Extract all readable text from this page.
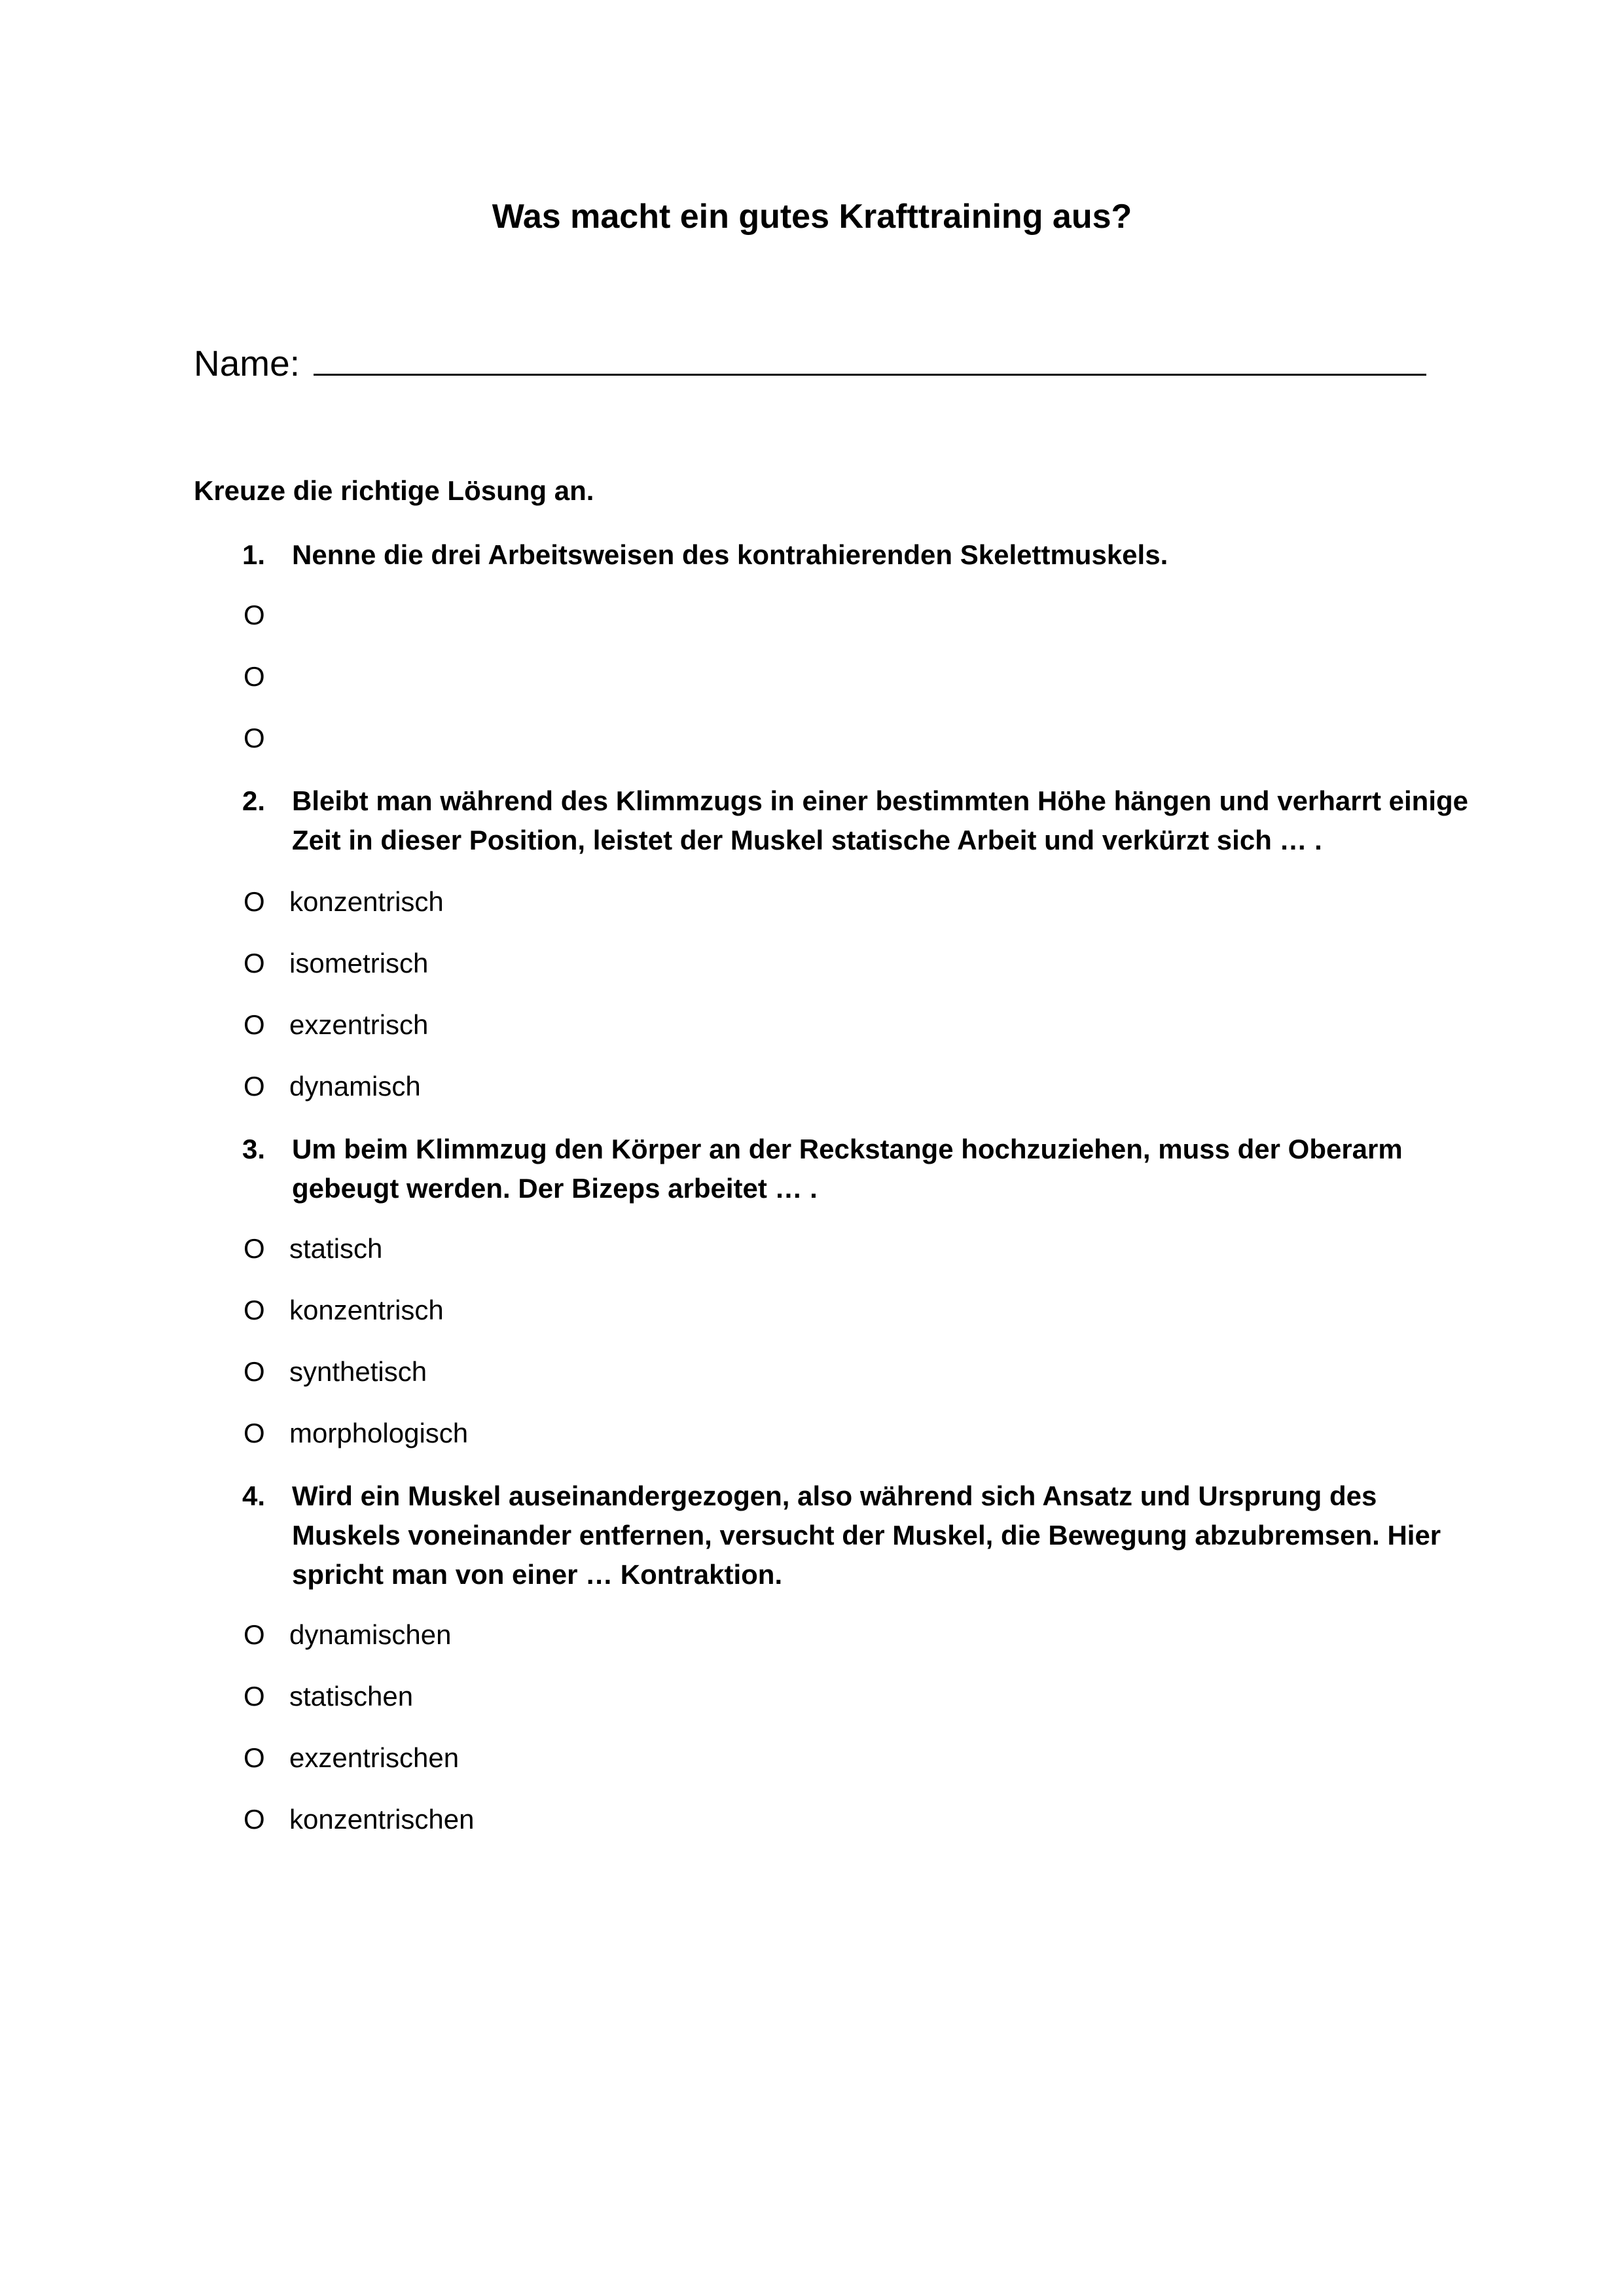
Was macht ein gutes Krafttraining aus?
Name:
Kreuze die richtige Lösung an.
1. Nenne die drei Arbeitsweisen des kontrahierenden Skelettmuskels.
O
O
O
2. Bleibt man während des Klimmzugs in einer bestimmten Höhe hängen und verharrt einige Zeit in dieser Position, leistet der Muskel statische Arbeit und verkürzt sich … .
O konzentrisch
O isometrisch
O exzentrisch
O dynamisch
3. Um beim Klimmzug den Körper an der Reckstange hochzuziehen, muss der Oberarm gebeugt werden. Der Bizeps arbeitet … .
O statisch
O konzentrisch
O synthetisch
O morphologisch
4. Wird ein Muskel auseinandergezogen, also während sich Ansatz und Ursprung des Muskels voneinander entfernen, versucht der Muskel, die Bewegung abzubremsen. Hier spricht man von einer … Kontraktion.
O dynamischen
O statischen
O exzentrischen
O konzentrischen
